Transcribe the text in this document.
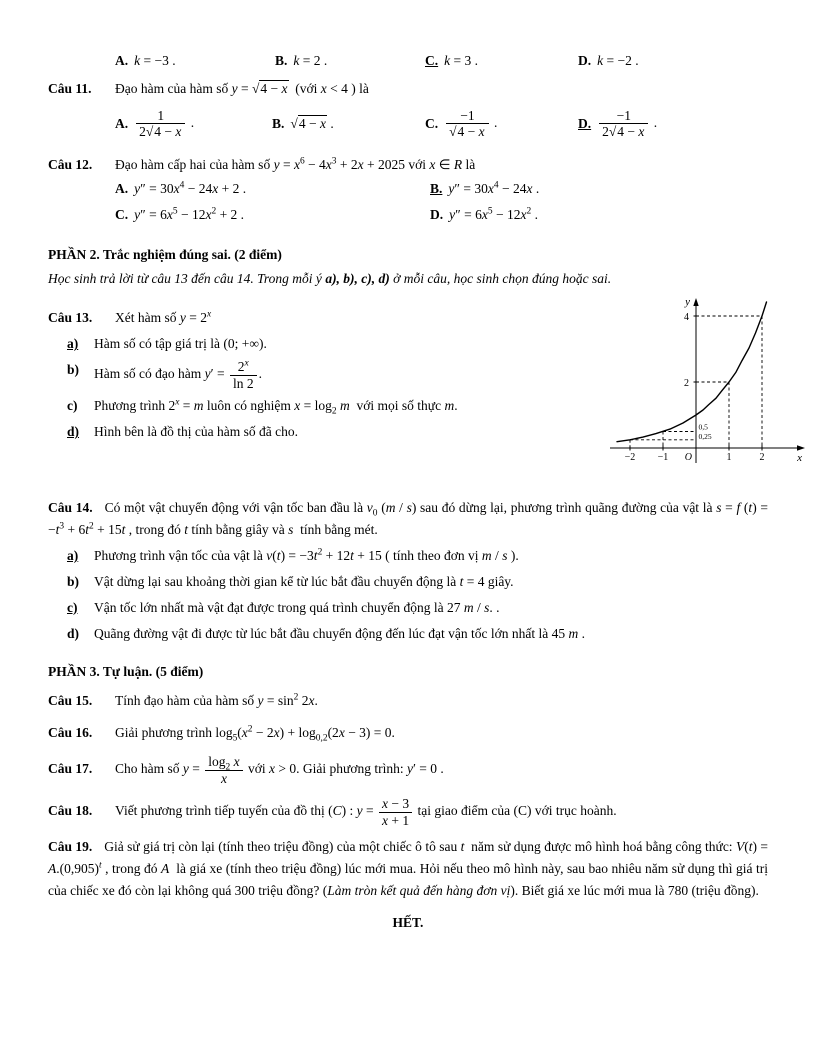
A. k = −3 .	B. k = 2 .	C. k = 3 .	D. k = −2 .
Câu 11.	Đạo hàm của hàm số y = √4 − x  (với x < 4 ) là
A. $\frac{1}{2√4 - x}$ .	B. √4 − x .	C. $\frac{-1}{√4 - x}$ .	D. $\frac{-1}{2√4 - x}$ .
Câu 12.	Đạo hàm cấp hai của hàm số $y = x^6 - 4x^3 + 2x + 2025$ với x ∈ R là
A. $y'' = 30x^4 - 24x + 2$ .	B. $y'' = 30x^4 - 24x$ .
C. $y'' = 6x^5 - 12x^2 + 2$ .	D. $y'' = 6x^5 - 12x^2$ .
PHẦN 2. Trắc nghiệm đúng sai. (2 điểm)
Học sinh trả lời từ câu 13 đến câu 14. Trong mỗi ý a), b), c), d) ở mỗi câu, học sinh chọn đúng hoặc sai.
Câu 13.	Xét hàm số $y = 2^x$
a)	Hàm số có tập giá trị là (0; +∞).
b)	Hàm số có đạo hàm $y' = \frac{2^x}{\ln 2}$ .
c)	Phương trình $2^x = m$ luôn có nghiệm $x = \log_2 m$  với mọi số thực m.
d)	Hình bên là đồ thị của hàm số đã cho.
y
x
4
2
0,5
0,25
−2 −1 O	1	2
Câu 14. Có một vật chuyển động với vận tốc ban đầu là $v_0$ (m / s) sau đó dừng lại, phương trình quãng đường của vật là s = f $(t) = -t^3 + 6t^2 + 15t$ , trong đó t tính bằng giây và s  tính bằng mét.
a)	Phương trình vận tốc của vật là $v(t) = -3t^2 + 12t + 15$ ( tính theo đơn vị m / s ).
b)	Vật dừng lại sau khoảng thời gian kể từ lúc bắt đầu chuyển động là t = 4 giây.
c)	Vận tốc lớn nhất mà vật đạt được trong quá trình chuyển động là 27 m / s. .
d)	Quãng đường vật đi được từ lúc bắt đầu chuyển động đến lúc đạt vận tốc lớn nhất là 45 m .
PHẦN 3. Tự luận. (5 điểm)
Câu 15.	Tính đạo hàm của hàm số $y = \sin^2 2x$.
Câu 16.	Giải phương trình $\log_5(x^2 - 2x) + \log_{0,2}(2x - 3) = 0$.
Câu 17.	Cho hàm số $y = \frac{\log_2 x}{x}$ với x > 0. Giải phương trình: y′ = 0 .
Câu 18.	Viết phương trình tiếp tuyến của đồ thị (C) : $y = \frac{x - 3}{x + 1}$ tại giao điểm của (C) với trục hoành.
Câu 19. Giả sử giá trị còn lại (tính theo triệu đồng) của một chiếc ô tô sau t  năm sử dụng được mô hình hoá bằng công thức: $V(t) = A.(0,905)^t$ , trong đó A  là giá xe (tính theo triệu đồng) lúc mới mua. Hỏi nếu theo mô hình này, sau bao nhiêu năm sử dụng thì giá trị của chiếc xe đó còn lại không quá 300 triệu đồng? (Làm tròn kết quả đến hàng đơn vị). Biết giá xe lúc mới mua là 780 (triệu đồng).
HẾT.
